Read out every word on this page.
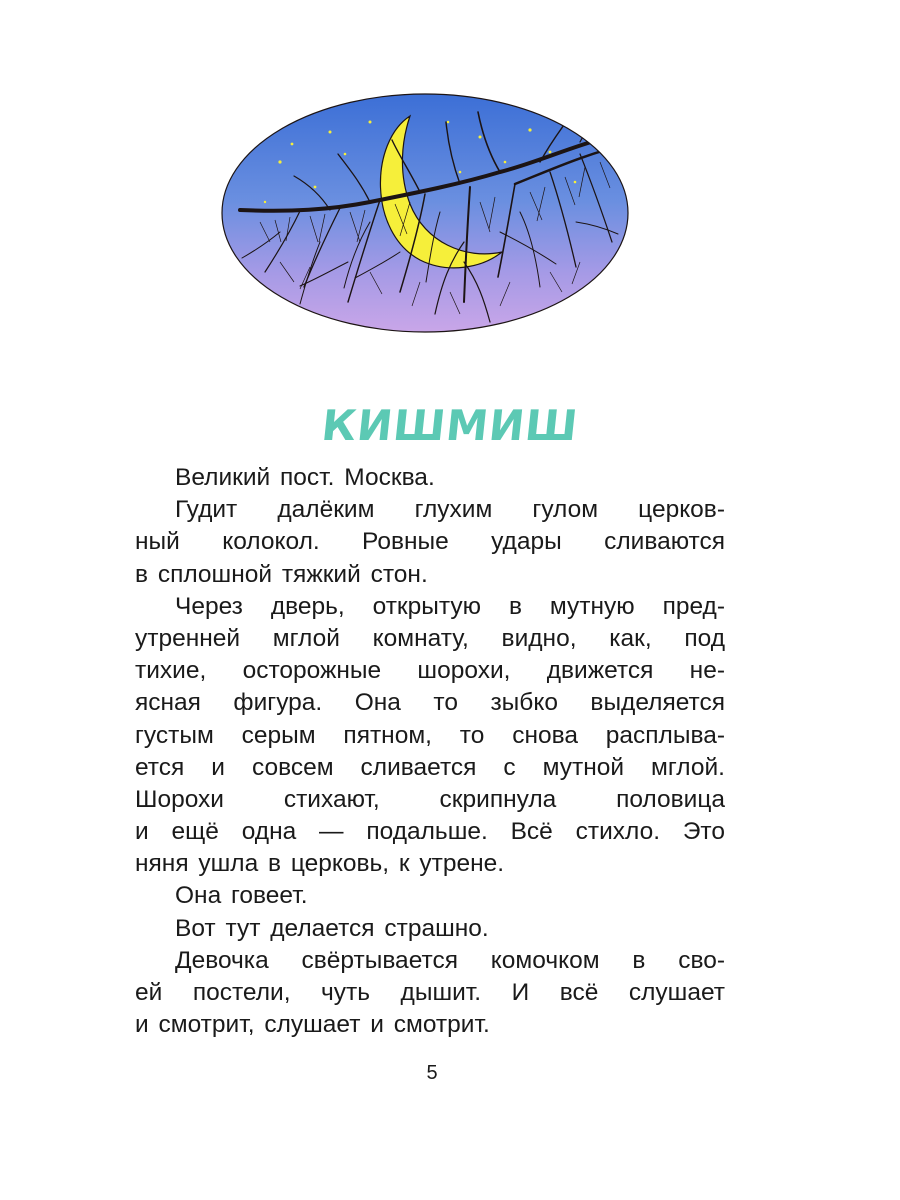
КИШМИШ
Великий пост. Москва.
Гудит далёким глухим гулом церков-
ный колокол. Ровные удары сливаются
в сплошной тяжкий стон.
Через дверь, открытую в мутную пред-
утренней мглой комнату, видно, как, под
тихие, осторожные шорохи, движется не-
ясная фигура. Она то зыбко выделяется
густым серым пятном, то снова расплыва-
ется и совсем сливается с мутной мглой.
Шорохи стихают, скрипнула половица
и ещё одна — подальше. Всё стихло. Это
няня ушла в церковь, к утрене.
Она говеет.
Вот тут делается страшно.
Девочка свёртывается комочком в сво-
ей постели, чуть дышит. И всё слушает
и смотрит, слушает и смотрит.
5
